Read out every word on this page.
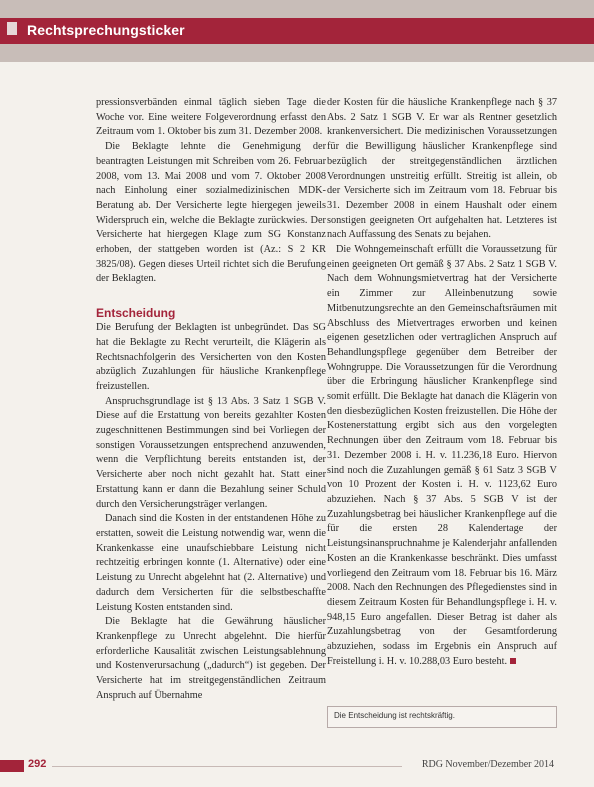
Rechtsprechungsticker

pressionsverbänden einmal täglich sieben Tage die Woche vor. Eine weitere Folgeverordnung erfasst den Zeitraum vom 1. Oktober bis zum 31. Dezember 2008.

Die Beklagte lehnte die Genehmigung der beantragten Leistungen mit Schreiben vom 26. Februar 2008, vom 13. Mai 2008 und vom 7. Oktober 2008 nach Einholung einer sozialmedizinischen MDK-Beratung ab. Der Versicherte legte hiergegen jeweils Widerspruch ein, welche die Beklagte zurückwies. Der Versicherte hat hiergegen Klage zum SG Konstanz erhoben, der stattgeben worden ist (Az.: S 2 KR 3825/08). Gegen dieses Urteil richtet sich die Berufung der Beklagten.

Entscheidung

Die Berufung der Beklagten ist unbegründet. Das SG hat die Beklagte zu Recht verurteilt, die Klägerin als Rechtsnachfolgerin des Versicherten von den Kosten abzüglich Zuzahlungen für häusliche Krankenpflege freizustellen.

Anspruchsgrundlage ist § 13 Abs. 3 Satz 1 SGB V. Diese auf die Erstattung von bereits gezahlter Kosten zugeschnittenen Bestimmungen sind bei Vorliegen der sonstigen Voraussetzungen entsprechend anzuwenden, wenn die Verpflichtung bereits entstanden ist, der Versicherte aber noch nicht gezahlt hat. Statt einer Erstattung kann er dann die Bezahlung seiner Schuld durch den Versicherungsträger verlangen.

Danach sind die Kosten in der entstandenen Höhe zu erstatten, soweit die Leistung notwendig war, wenn die Krankenkasse eine unaufschiebbare Leistung nicht rechtzeitig erbringen konnte (1. Alternative) oder eine Leistung zu Unrecht abgelehnt hat (2. Alternative) und dadurch dem Versicherten für die selbstbeschaffte Leistung Kosten entstanden sind.

Die Beklagte hat die Gewährung häuslicher Krankenpflege zu Unrecht abgelehnt. Die hierfür erforderliche Kausalität zwischen Leistungsablehnung und Kostenverursachung („dadurch“) ist gegeben. Der Versicherte hat im streitgegenständlichen Zeitraum Anspruch auf Übernahme

der Kosten für die häusliche Krankenpflege nach § 37 Abs. 2 Satz 1 SGB V. Er war als Rentner gesetzlich krankenversichert. Die medizinischen Voraussetzungen für die Bewilligung häuslicher Krankenpflege sind bezüglich der streitgegenständlichen ärztlichen Verordnungen unstreitig erfüllt. Streitig ist allein, ob der Versicherte sich im Zeitraum vom 18. Februar bis 31. Dezember 2008 in einem Haushalt oder einem sonstigen geeigneten Ort aufgehalten hat. Letzteres ist nach Auffassung des Senats zu bejahen.

Die Wohngemeinschaft erfüllt die Voraussetzung für einen geeigneten Ort gemäß § 37 Abs. 2 Satz 1 SGB V. Nach dem Wohnungsmietvertrag hat der Versicherte ein Zimmer zur Alleinbenutzung sowie Mitbenutzungsrechte an den Gemeinschaftsräumen mit Abschluss des Mietvertrages erworben und keinen eigenen gesetzlichen oder vertraglichen Anspruch auf Behandlungspflege gegenüber dem Betreiber der Wohngruppe. Die Voraussetzungen für die Verordnung über die Erbringung häuslicher Krankenpflege sind somit erfüllt. Die Beklagte hat danach die Klägerin von den diesbezüglichen Kosten freizustellen. Die Höhe der Kostenerstattung ergibt sich aus den vorgelegten Rechnungen über den Zeitraum vom 18. Februar bis 31. Dezember 2008 i. H. v. 11.236,18 Euro. Hiervon sind noch die Zuzahlungen gemäß § 61 Satz 3 SGB V von 10 Prozent der Kosten i. H. v. 1123,62 Euro abzuziehen. Nach § 37 Abs. 5 SGB V ist der Zuzahlungsbetrag bei häuslicher Krankenpflege auf die für die ersten 28 Kalendertage der Leistungsinanspruchnahme je Kalenderjahr anfallenden Kosten an die Krankenkasse beschränkt. Dies umfasst vorliegend den Zeitraum vom 18. Februar bis 16. März 2008. Nach den Rechnungen des Pflegedienstes sind in diesem Zeitraum Kosten für Behandlungspflege i. H. v. 948,15 Euro angefallen. Dieser Betrag ist daher als Zuzahlungsbetrag von der Gesamtforderung abzuziehen, sodass im Ergebnis ein Anspruch auf Freistellung i. H. v. 10.288,03 Euro besteht.

Die Entscheidung ist rechtskräftig.
292	RDG November/Dezember 2014
